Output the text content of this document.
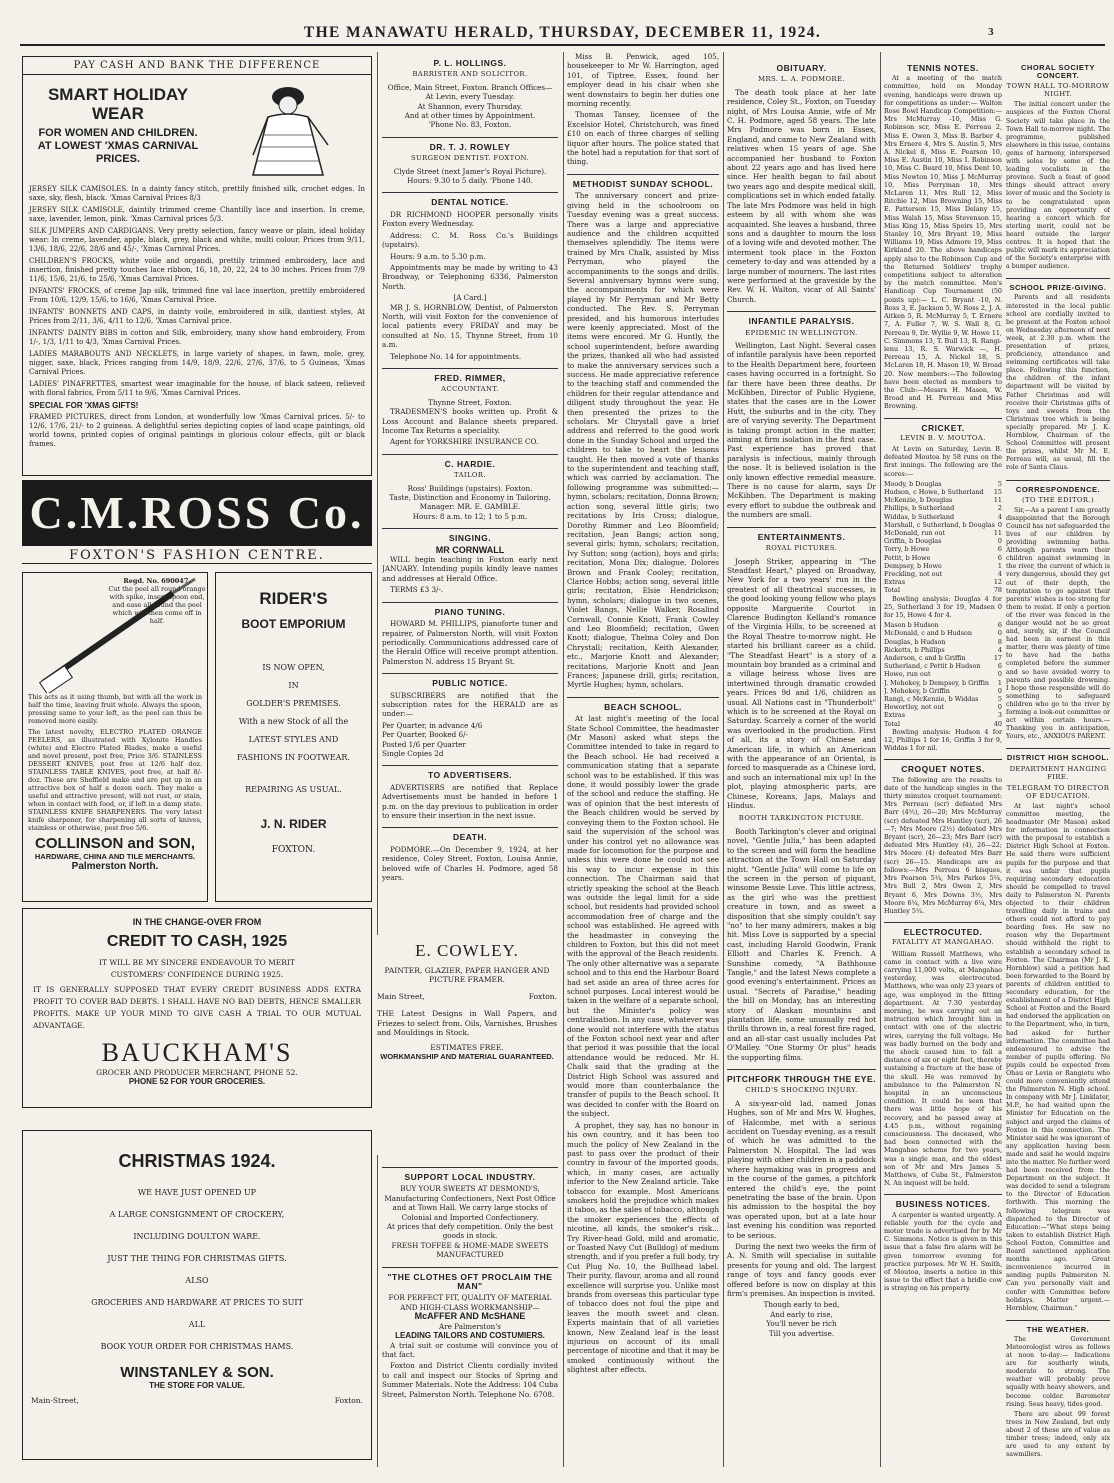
THE MANAWATU HERALD, THURSDAY, DECEMBER 11, 1924.	3
PAY CASH AND BANK THE DIFFERENCE
SMART HOLIDAY WEAR
FOR WOMEN AND CHILDREN.
AT LOWEST 'XMAS CARNIVAL PRICES.

JERSEY SILK CAMISOLES. In a dainty fancy stitch, prettily finished silk, crochet edges. In saxe, sky, flesh, black. 'Xmas Carnival Prices 8/3

JERSEY SILK CAMISOLE, daintily trimmed creme Chantilly lace and insertion. In creme, saxe, lavender, lemon, pink. 'Xmas Carnival prices 5/3.

SILK JUMPERS AND CARDIGANS. Very pretty selection, fancy weave or plain, ideal holiday wear: In creme, lavender, apple, black, grey, black and white, multi colour. Prices from 9/11, 13/6, 18/6, 22/6, 28/6 and 45/-, 'Xmas Carnival Prices.

CHILDREN'S FROCKS, white voile and organdi, prettily trimmed embroidery, lace and insertion, finished pretty touches lace ribbon, 16, 18, 20, 22, 24 to 30 inches. Prices from 7/9 11/6, 15/6, 21/6, to 25/6, 'Xmas Carnival Prices.

INFANTS' FROCKS, of creme Jap silk, trimmed fine val lace insertion, prettily embroidered From 10/6, 12/9, 15/6, to 16/6, 'Xmas Carnival Price.

INFANTS' BONNETS AND CAPS, in dainty voile, embroidered in silk, dantiest styles, At Prices from 2/11, 3/6, 4/11 to 12/6, 'Xmas Carnival price.

INFANTS' DAINTY BIBS in cotton and Silk, embroidery, many show hand embroidery, From 1/-, 1/3, 1/11 to 4/3, 'Xmas Carnival Prices.

LADIES MARABOUTS AND NECKLETS, in large variety of shapes, in fawn, mole, grey, nigger, saxe, black, Prices ranging from 14/9, 18/9, 22/6, 27/6, 37/6, to 5 Guineas, 'Xmas Carnival Prices.

LADIES' PINAFRETTES, smartest wear imaginable for the house, of black sateen, relieved with floral fabrics, From 5/11 to 9/6, 'Xmas Carnival Prices.

SPECIAL FOR 'XMAS GIFTS!

FRAMED PICTURES, direct from London, at wonderfully low 'Xmas Carnival prices. 5/- to 12/6, 17/6, 21/- to 2 guineas. A delightful series depicting copies of land scape paintings, old world towns, printed copies of original paintings in glorious colour effects, gilt or black frames.

C.M.ROSS Co.
FOXTON'S FASHION CENTRE.
Regd. No. 690047.
Cut the peel all round orange with spike, insert spoon end, and ease all round the peel which will then come off in half.

This acts as it using thumb, but with all the work in half the time, leaving fruit whole. Always the spoon, pressing same to your left, as the peel can thus be removed more easily.

The latest novelty, ELECTRO PLATED ORANGE PEELERS, as illustrated with Xylonite Handles (white) and Electro Plated Blades, make a useful and novel present, post free, Price 3/6. STAINLESS DESSERT KNIVES, post free at 12/6 half doz. STAINLESS TABLE KNIVES, post free, at half 8/- doz. These are Sheffield make and are put up in an attractive box of half a dozen each. They make a useful and attractive present, will not rust, or stain, when in contact with food, or, if left in a damp state. STAINLESS KNIFE SHARPENERS. The very latest knife sharpener, for sharpening all sorts of knives, stainless or otherwise, post free 5/6.

COLLINSON and SON,
HARDWARE, CHINA AND TILE MERCHANTS.
Palmerston North.
RIDER'S
BOOT EMPORIUM
IS NOW OPEN,
IN
GOLDER'S PREMISES.
With a new Stock of all the
LATEST STYLES AND
FASHIONS IN FOOTWEAR.
REPAIRING AS USUAL.
J. N. RIDER
FOXTON.
IN THE CHANGE-OVER FROM
CREDIT TO CASH, 1925
IT WILL BE MY SINCERE ENDEAVOUR TO MERIT
CUSTOMERS' CONFIDENCE DURING 1925.
IT IS GENERALLY SUPPOSED THAT EVERY CREDIT BUSINESS ADDS EXTRA PROFIT TO COVER BAD DEBTS. I SHALL HAVE NO BAD DEBTS, HENCE SMALLER PROFITS. MAKE UP YOUR MIND TO GIVE CASH A TRIAL TO OUR MUTUAL ADVANTAGE.
BAUCKHAM'S
GROCER AND PRODUCER MERCHANT, PHONE 52.
PHONE 52 FOR YOUR GROCERIES.
CHRISTMAS 1924.
WE HAVE JUST OPENED UP
A LARGE CONSIGNMENT OF CROCKERY,
INCLUDING DOULTON WARE.
JUST THE THING FOR CHRISTMAS GIFTS.
ALSO
GROCERIES AND HARDWARE AT PRICES TO SUIT
ALL
BOOK YOUR ORDER FOR CHRISTMAS HAMS.
WINSTANLEY & SON.
THE STORE FOR VALUE.
Main-Street,	Foxton.
E. COWLEY.
PAINTER, GLAZIER, PAPER HANGER AND PICTURE FRAMER.
Main Street,	Foxton.
THE Latest Designs in Wall Papers, and Friezes to select from. Oils, Varnishes, Brushes and Mouldings in Stock.
ESTIMATES FREE.
WORKMANSHIP AND MATERIAL GUARANTEED.
P. L. HOLLINGS.
BARRISTER AND SOLICITOR.
Office, Main Street, Foxton. Branch Offices—
At Levin, every Tuesday.
At Shannon, every Thursday.
And at other times by Appointment.
'Phone No. 83, Foxton.
DR. T. J. ROWLEY
SURGEON DENTIST. FOXTON.
Clyde Street (next Jamer's Royal Picture).
Hours: 9.30 to 5 daily. 'Phone 140.
DENTAL NOTICE.

DR RICHMOND HOOPER personally visits Foxton every Wednesday.

Address: C. M. Ross Co.'s Buildings (upstairs).

Hours: 9 a.m. to 5.30 p.m.

Appointments may be made by writing to 43 Broadway, or Telephoning 6336, Palmerston North.

[A Card.]

MR J. S. HORNBLOW, Dentist, of Palmerston North, will visit Foxton for the convenience of local patients every FRIDAY and may be consulted at No. 15, Thynne Street, from 10 a.m.

Telephone No. 14 for appointments.

FRED. RIMMER,
ACCOUNTANT.
Thynne Street, Foxton.

TRADESMEN'S books written up. Profit & Loss Account and Balance sheets prepared. Income Tax Returns a speciality.

Agent for YORKSHIRE INSURANCE CO.

C. HARDIE.
TAILOR.
Ross' Buildings (upstairs). Foxton.
Taste, Distinction and Economy in Tailoring.
Manager: MR. E. GAMBLE.
Hours: 8 a.m. to 12; 1 to 5 p.m.
SINGING.
MR CORNWALL

WILL begin teaching in Foxton early next JANUARY. Intending pupils kindly leave names and addresses at Herald Office.

TERMS £3 3/-.

PIANO TUNING.

HOWARD M. PHILLIPS, pianoforte tuner and repairer, of Palmerston North, will visit Foxton periodically. Communications addressed care of the Herald Office will receive prompt attention. Palmerston N. address 15 Bryant St.

PUBLIC NOTICE.

SUBSCRIBERS are notified that the subscription rates for the HERALD are as under:—

Per Quarter, in advance 4/6
Per Quarter, Booked 6/-
Posted 1/6 per Quarter
Single Copies 2d
TO ADVERTISERS.

ADVERTISERS are notified that Replace Advertisements must be handed in before 1 p.m. on the day previous to publication in order to ensure their insertion in the next issue.

DEATH.

PODMORE.—On December 9, 1924, at her residence, Coley Street, Foxton, Louisa Annie, beloved wife of Charles H. Podmore, aged 58 years.

SUPPORT LOCAL INDUSTRY.
BUY YOUR SWEETS AT DESMOND'S,
Manufacturing Confectioners, Next Post Office and at Town Hall. We carry large stocks of Colonial and Imported Confectionery.
At prices that defy competition. Only the best goods in stock.
FRESH TOFFEE & HOME-MADE SWEETS MANUFACTURED
"THE CLOTHES OFT PROCLAIM THE MAN"
FOR PERFECT FIT, QUALITY OF MATERIAL AND HIGH-CLASS WORKMANSHIP—
McAFFER AND McSHANE
Are Palmerston's
LEADING TAILORS AND COSTUMIERS.

A trial suit or costume will convince you of that fact.

Foxton and District Clients cordially invited to call and inspect our Stocks of Spring and Summer Materials. Note the Address: 104 Cuba Street, Palmerston North. Telephone No. 6708.

Miss B. Penwick, aged 105, housekeeper to Mr W. Harrington, aged 101, of Tiptree, Essex, found her employer dead in his chair when she went downstairs to begin her duties one morning recently.

Thomas Tansey, licensee of the Excelsior Hotel, Christchurch, was fined £10 on each of three charges of selling liquor after hours. The police stated that the hotel had a reputation for that sort of thing.

METHODIST SUNDAY SCHOOL.

The anniversary concert and prize-giving held in the schoolroom on Tuesday evening was a great success. There was a large and appreciative audience and the children acquitted themselves splendidly. The items were trained by Mrs Chalk, assisted by Miss Perryman, who played the accompaniments to the songs and drills. Several anniversary hymns were sung, the accompaniments for which were played by Mr Perryman and Mr Betty conducted. The Rev. S. Perryman presided, and his humorous interludes were keenly appreciated. Most of the items were encored. Mr G. Huntly, the school superintendent, before awarding the prizes, thanked all who had assisted to make the anniversary services such a success. He made appreciative reference to the teaching staff and commended the children for their regular attendance and diligent study throughout the year. He then presented the prizes to the scholars. Mr Chrystall gave a brief address and referred to the good work done in the Sunday School and urged the children to take to heart the lessons taught. He then moved a vote of thanks to the superintendent and teaching staff, which was carried by acclamation. The following programme was submitted:— hymn, scholars; recitation, Donna Brown; action song, several little girls; two recitations by Iris Cross; dialogue, Dorothy Rimmer and Leo Bloomfield; recitation, Jean Bangs; action song, several girls; hymn, scholars; recitation, Ivy Sutton; song (action), boys and girls; recitation, Mona Dix; dialogue, Dolores Brown and Frank Cooley; recitation, Clarice Hobbs; action song, several little girls; recitation, Elsie Hendrickson; hymn, scholars; dialogue in two scenes, Violet Bangs, Nellie Walker, Rosalind Cornwall, Connie Knott, Frank Cowley and Leo Bloomfield; recitation, Gwen Knott; dialogue, Thelma Coley and Don Chrystall; recitation, Keith Alexander, etc., Marjorie Knott and Alexander; recitations, Marjorie Knott and Jean Frances; Japanese drill, girls; recitation, Myrtle Hughes; hymn, scholars.

BEACH SCHOOL.

At last night's meeting of the local State School Committee, the headmaster (Mr Mason) asked what steps the Committee intended to take in regard to the Beach school. He had received a communication stating that a separate school was to be established. If this was done, it would possibly lower the grade of the school and reduce the staffing. He was of opinion that the best interests of the Beach children would be served by conveying them to the Foxton school. He said the supervision of the school was under his control yet no allowance was made for locomotion for the purpose and unless this were done he could not see his way to incur expense in this connection. The Chairman said that strictly speaking the school at the Beach was outside the legal limit for a side school, but residents had provided school accommodation free of charge and the school was established. He agreed with the headmaster in conveying the children to Foxton, but this did not meet with the approval of the Beach residents. The only other alternative was a separate school and to this end the Harbour Board had set aside an area of three acres for school purposes. Local interest would be taken in the welfare of a separate school, but the Minister's policy was centralisation. In any case, whatever was done would not interfere with the status of the Foxton school next year and after that period it was possible that the local attendance would be reduced. Mr H. Chalk said that the grading at the District High School was assured and would more than counterbalance the transfer of pupils to the Beach school. It was decided to confer with the Board on the subject.

A prophet, they say, has no honour in his own country, and it has been too much the policy of New Zealand in the past to pass over the product of their country in favour of the imported goods, which, in many cases, are actually inferior to the New Zealand article. Take tobacco for example. Most Americans smokers hold the prejudice which makes it taboo, as the sales of tobacco, although the smoker experiences the effects of nicotine, all kinds, the smoker's risk... Try River-head Gold, mild and aromatic, or Toasted Navy Cut (Bulldog) of medium strength, and if you prefer a full body, try Cut Plug No. 10, the Bullhead label. Their purity, flavour, aroma and all round excellence will surprise you. Unlike most brands from overseas this particular type of tobacco does not foul the pipe and leaves the mouth sweet and clean. Experts maintain that of all varieties known, New Zealand leaf is the least injurious on account of its small percentage of nicotine and that it may be smoked continuously without the slightest after effects.

OBITUARY.
MRS. L. A. PODMORE.

The death took place at her late residence, Coley St., Foxton, on Tuesday night, of Mrs Louisa Annie, wife of Mr C. H. Podmore, aged 58 years. The late Mrs Podmore was born in Essex, England, and came to New Zealand with relatives when 15 years of age. She accompanied her husband to Foxton about 22 years ago and has lived here since. Her health began to fail about two years ago and despite medical skill, complications set in which ended fatally. The late Mrs Podmore was held in high esteem by all with whom she was acquainted. She leaves a husband, three sons and a daughter to mourn the loss of a loving wife and devoted mother. The interment took place in the Foxton cemetery to-day and was attended by a large number of mourners. The last rites were performed at the graveside by the Rev. W. H. Walton, vicar of All Saints' Church.

INFANTILE PARALYSIS.
EPIDEMIC IN WELLINGTON.

Wellington, Last Night. Several cases of infantile paralysis have been reported to the Health Department here, fourteen cases having occurred in a fortnight. So far there have been three deaths. Dr McKibben, Director of Public Hygiene, states that the cases are in the Lower Hutt, the suburbs and in the city. They are of varying severity. The Department is taking prompt action in the matter, aiming at firm isolation in the first case. Past experience has proved that paralysis is infectious, mainly through the nose. It is believed isolation is the only known effective remedial measure. There is no cause for alarm, says Dr McKibben. The Department is making every effort to subdue the outbreak and the numbers are small.

ENTERTAINMENTS.
ROYAL PICTURES.

Joseph Striker, appearing in "The Steadfast Heart," played on Broadway, New York for a two years' run in the greatest of all theatrical successes, is the good looking young fellow who plays opposite Marguerite Courtot in Clarence Budington Kelland's romance of the Virginia Hills, to be screened at the Royal Theatre to-morrow night. He started his brilliant career as a child. "The Steadfast Heart" is a story of a mountain boy branded as a criminal and a village heiress whose lives are intertwined through dramatic crowded years. Prices 9d and 1/6, children as usual. All Nations cast in "Thunderbolt" which is to be screened at the Royal on Saturday. Scarcely a corner of the world was overlooked in the production. First of all, its a story of Chinese and American life, in which an American with the appearance of an Oriental, is forced to masquerade as a Chinese lord, and such an international mix up! In the plot, playing atmospheric parts, are Chinese, Koreans, Japs, Malays and Hindus.

BOOTH TARKINGTON PICTURE.

Booth Tarkington's clever and original novel, "Gentle Julia," has been adapted to the screen and will form the headline attraction at the Town Hall on Saturday night. "Gentle Julia" will come to life on the screen in the person of piquant, winsome Bessie Love. This little actress, as the girl who was the prettiest creature in town, and as sweet a disposition that she simply couldn't say "no" to her many admirers, makes a big hit. Miss Love is supported by a special cast, including Harold Goodwin, Frank Elliott and Charles K. French. A Sunshine comedy, "A Bathhouse Tangle," and the latest News complete a good evening's entertainment. Prices as usual. "Secrets of Paradise," heading the bill on Monday, has an interesting story of Alaskan mountains and plantation life, some unusually red hot thrills thrown in, a real forest fire raged, and an all-star cast usually includes Pat O'Malley. "One Stormy Or plus" heads the supporting films.

PITCHFORK THROUGH THE EYE.
CHILD'S SHOCKING INJURY.

A six-year-old lad, named Jonas Hughes, son of Mr and Mrs W. Hughes, of Halcombe, met with a serious accident on Tuesday evening, as a result of which he was admitted to the Palmerston N. Hospital. The lad was playing with other children in a paddock where haymaking was in progress and in the course of the games, a pitchfork entered the child's eye, the point penetrating the base of the brain. Upon his admission to the hospital the boy was operated upon, but at a late hour last evening his condition was reported to be serious.

During the next two weeks the firm of A. N. Smith will specialise in suitable presents for young and old. The largest range of toys and fancy goods ever offered before is now on display at this firm's premises. An inspection is invited.

Though early to bed,
And early to rise,
You'll never be rich
Till you advertise.
TENNIS NOTES.

At a meeting of the match committee, held on Monday evening, handicaps were drawn up for competitions as under:— Walton Rose Bowl Handicap Competition:—Mrs McMurray -10, Miss G. Robinson scr, Miss E. Perreau 2, Miss E. Owen 3, Miss B. Barber 4, Mrs Ernere 4, Mrs S. Austin 5, Mrs A. Nickel 8, Miss E. Pearson 10, Miss E. Austin 10, Miss I. Robinson 10, Miss C. Beard 10, Miss Dent 10, Miss Newton 10, Miss J. McMurray 10, Miss Perryman 10, Mrs McLaren 11, Mrs Rull 12, Miss Ritchie 12, Miss Browning 15, Miss E. Patterson 15, Miss Delany 15, Miss Walsh 15, Miss Stevenson 15, Miss King 15, Miss Speirs 15, Mrs Stanley 10, Mrs Bryant 19, Miss Williams 19, Miss Admore 19, Miss Kirkland 20. The above handicaps apply also to the Robinson Cup and the Returned Soldiers' trophy competitions subject to alteration by the match committee. Men's Handicap Cup Tournament (50 points up):— L. C. Bryant -10, N. Ross 3, E. Jackson 5, W. Ross 2, J. A. Aitken 5, R. McMurray 5, T. Ernere 7, A. Fuller 7, W. S. Wall 8, G. Perreau 9, Dr. Wyllie 9, W. Howe 11, C. Simmons 13, T. Bull 13, R. Rangi-lenu 13, R. S. Warwick —, H. Perreau 15, A. Nickel 18, S. McLaren 18, H. Mason 19, W. Broad 20. New members:—The following have been elected as members to the Club:—Messrs H. Mason, W. Broad and H. Perreau and Miss Browning.

CRICKET.
LEVIN B. V. MOUTOA.

At Levin on Saturday, Levin B. defeated Moutoa by 58 runs on the first innings. The following are the scores:—

Moody, b Douglas	5
Hudson, c Howe, b Sutherland 15
McKenzie, b Douglas	11
Phillips, b Sutherland	2
Widdas, b Sutherland	4
Marshall, c Sutherland, b Douglas 0
McDonald, run out	11
Griffin, b Douglas	0
Torry, b Howe	6
Pettit, b Howe	6
Dempsey, b Howe	1
Freckling, not out	4
Extras	12
Total	78

Bowling analysis: Douglas 4 for 25, Sutherland 3 for 19, Madsen 0 for 15, Howe 4 for 4.

Mason b Hudson	6
McDonald, c and b Hudson	0
Douglas, b Hudson	8
Ricketts, b Phillips	4
Anderson, c and b Griffin	17
Sutherland, c Pettit b Hudson	6
Howe, run out	0
J. Mohekey, b Dempsey, b Griffin 1
J. Mohekey, b Griffin	0
Rangi, c McKenzie, b Widdas	5
Hewortley, not out	0
Extras	3
Total	40

Bowling analysis: Hudson 4 for 12, Phillips 1 for 16, Griffin 3 for 9, Widdas 1 for nil.

CROQUET NOTES.

The following are the results to date of the handicap singles in the thirty minutes croquet tournament: Mrs Perreau (scr) defeated Mrs Barr (4½), 26—20; Mrs McMurray (scr) defeated Mrs Huntley (scr), 26—7; Mrs Moore (2½) defeated Mrs Bryant (scr), 26—23; Mrs Barr (scr) defeated Mrs Huntley (4), 26—22; Mrs Moore (4) defeated Mrs Barr (scr) 26—15. Handicaps are as follows:—Mrs Perreau 6 bisques, Mrs Pearson 5¼, Mrs Parkes 5¼, Mrs Bull 2, Mrs Owen 2, Mrs Bryant 6, Mrs Downs 3½, Mrs Moore 6¼, Mrs McMurray 6¼, Mrs Huntley 5¼.

ELECTROCUTED.
FATALITY AT MANGAHAO.

William Russell Matthews, who came in contact with a live wire carrying 11,000 volts, at Mangahao yesterday, was electrocuted. Matthews, who was only 23 years of age, was employed in the fitting department. At 7.30 yesterday morning, he was carrying out an instruction which brought him in contact with one of the electric wires, carrying the full voltage. He was badly burned on the body and the shock caused him to fall a distance of six or eight feet, thereby sustaining a fracture at the base of the skull. He was removed by ambulance to the Palmerston N. hospital in an unconscious condition. It could be seen that there was little hope of his recovery, and he passed away at 4.45 p.m., without regaining consciousness. The deceased, who had been connected with the Mangahao scheme for two years, was a single man, and the eldest son of Mr and Mrs James S. Matthews, of Cuba St., Palmerston N. An inquest will be held.

BUSINESS NOTICES.

A carpenter is wanted urgently. A reliable youth for the cycle and motor trade is advertised for by Mr C. Simmons. Notice is given in this issue that a false fire alarm will be given tomorrow evening for practice purposes. Mr W. H. Smith, of Moutoa, inserts a notice in this issue to the effect that a bridle cow is straying on his property.

CHORAL SOCIETY CONCERT.
TOWN HALL TO-MORROW NIGHT.

The initial concert under the auspices of the Foxton Choral Society will take place in the Town Hall to-morrow night. The programme, published elsewhere in this issue, contains gems of harmony, interspersed with solos by some of the leading vocalists in the province. Such a feast of good things should attract every lover of music and the Society is to be congratulated upon providing an opportunity of hearing a concert which for sterling merit, could not be heard outside the larger centres. It is hoped that the public will mark its appreciation of the Society's enterprise with a bumper audience.

SCHOOL PRIZE-GIVING.

Parents and all residents interested in the local public school are cordially invited to be present at the Foxton school on Wednesday afternoon of next week, at 2.30 p.m. when the presentation of prizes, proficiency, attendance and swimming certificates will take place. Following this function, the children of the infant department will be visited by Father Christmas and will receive their Christmas gifts of toys and sweets from the Christmas tree which is being specially prepared. Mr J. K. Hornblow, Chairman of the School Committee will present the prizes, whilst Mr M. E. Perreau will, as usual, fill the role of Santa Claus.

CORRESPONDENCE.
(TO THE EDITOR.)

Sir,—As a parent I am greatly disappointed that the Borough Council has not safeguarded the lives of our children by providing swimming baths. Although parents warn their children against swimming in the river, the current of which is very dangerous, should they get out of their depth, the temptation to go against their parents' wishes is too strong for them to resist. If only a portion of the river was fenced in the danger would not be so great and, surely, sir, if the Council had been in earnest in this matter, there was plenty of time to have had the baths completed before the summer and so have avoided worry to parents and possible drowning. I hope those responsible will do something to safeguard children who go to the river by forming a look-out committee or act within certain hours.—Thanking you in anticipation, Yours, etc., ANXIOUS PARENT.

DISTRICT HIGH SCHOOL.
DEPARTMENT HANGING FIRE.
TELEGRAM TO DIRECTOR OF EDUCATION.

At last night's school committee meeting, the headmaster (Mr Mason) asked for information in connection with the proposal to establish a District High School at Foxton. He said there were sufficient pupils for the purpose and that it was unfair that pupils requiring secondary education should be compelled to travel daily to Palmerston N. Parents objected to their children travelling daily in trains and others could not afford to pay boarding fees. He saw no reason why the Department should withhold the right to establish a secondary school in Foxton. The Chairman (Mr J. K. Hornblow) said a petition had been forwarded to the Board by parents of children entitled to secondary education, for the establishment of a District High School at Foxton and the Board had endorsed the application on to the Department, who, in turn, had asked for further information. The committee had endeavoured to advise the number of pupils offering. No pupils could be expected from Ohau or Levin or Rangiotu who could more conveniently attend the Palmerston N. High school. In company with Mr J. Linklater, M.P., he had waited upon the Minister for Education on the subject and urged the claims of Foxton in this connection. The Minister said he was ignorant of any application having been made and said he would inquire into the matter. No further word had been received from the Department on the subject. It was decided to send a telegram to the Director of Education forthwith. This morning the following telegram was dispatched to the Director of Education:—"What steps being taken to establish District High School Foxton, Committee and Board sanctioned application months ago. Great inconvenience incurred in sending pupils Palmerston N. Can you personally visit and confer with Committee before holidays. Matter urgent.—Hornblow, Chairman."

THE WEATHER.

The Government Meteorologist wires as follows at noon to-day:— Indications are for southerly winds, moderate to strong. The weather will probably prove squally with heavy showers, and become colder. Barometer rising. Seas heavy, tides good.

There are about 99 forest trees in New Zealand, but only about 2 of these are of value as timber trees; indeed, only six are used to any extent by sawmillers.
